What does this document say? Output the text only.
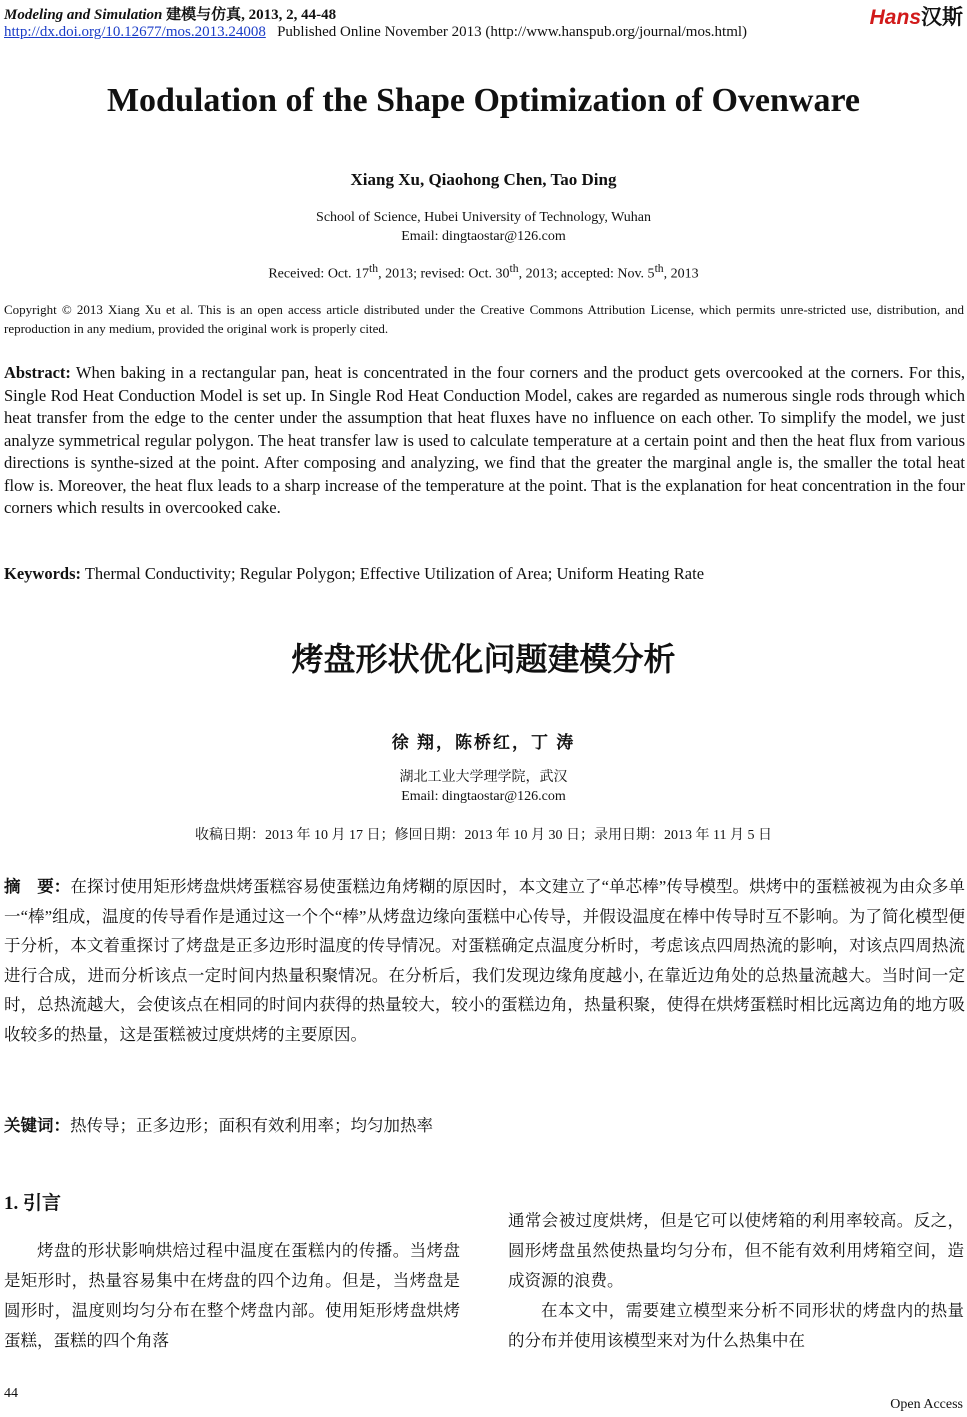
Modeling and Simulation 建模与仿真, 2013, 2, 44-48	Hans汉斯
http://dx.doi.org/10.12677/mos.2013.24008 Published Online November 2013 (http://www.hanspub.org/journal/mos.html)
Modulation of the Shape Optimization of Ovenware
Xiang Xu, Qiaohong Chen, Tao Ding
School of Science, Hubei University of Technology, Wuhan
Email: dingtaostar@126.com
Received: Oct. 17th, 2013; revised: Oct. 30th, 2013; accepted: Nov. 5th, 2013
Copyright © 2013 Xiang Xu et al. This is an open access article distributed under the Creative Commons Attribution License, which permits unre-stricted use, distribution, and reproduction in any medium, provided the original work is properly cited.
Abstract: When baking in a rectangular pan, heat is concentrated in the four corners and the product gets overcooked at the corners. For this, Single Rod Heat Conduction Model is set up. In Single Rod Heat Conduction Model, cakes are regarded as numerous single rods through which heat transfer from the edge to the center under the assumption that heat fluxes have no influence on each other. To simplify the model, we just analyze symmetrical regular polygon. The heat transfer law is used to calculate temperature at a certain point and then the heat flux from various directions is synthe-sized at the point. After composing and analyzing, we find that the greater the marginal angle is, the smaller the total heat flow is. Moreover, the heat flux leads to a sharp increase of the temperature at the point. That is the explanation for heat concentration in the four corners which results in overcooked cake.
Keywords: Thermal Conductivity; Regular Polygon; Effective Utilization of Area; Uniform Heating Rate
烤盘形状优化问题建模分析
徐 翔，陈桥红，丁 涛
湖北工业大学理学院，武汉
Email: dingtaostar@126.com
收稿日期：2013 年 10 月 17 日；修回日期：2013 年 10 月 30 日；录用日期：2013 年 11 月 5 日
摘　要：在探讨使用矩形烤盘烘烤蛋糕容易使蛋糕边角烤糊的原因时，本文建立了“单芯棒”传导模型。烘烤中的蛋糕被视为由众多单一“棒”组成，温度的传导看作是通过这一个个“棒”从烤盘边缘向蛋糕中心传导，并假设温度在棒中传导时互不影响。为了简化模型便于分析，本文着重探讨了烤盘是正多边形时温度的传导情况。对蛋糕确定点温度分析时，考虑该点四周热流的影响，对该点四周热流进行合成，进而分析该点一定时间内热量积聚情况。在分析后，我们发现边缘角度越小, 在靠近边角处的总热量流越大。当时间一定时，总热流越大，会使该点在相同的时间内获得的热量较大，较小的蛋糕边角，热量积聚，使得在烘烤蛋糕时相比远离边角的地方吸收较多的热量，这是蛋糕被过度烘烤的主要原因。
关键词：热传导；正多边形；面积有效利用率；均匀加热率
1. 引言

烤盘的形状影响烘焙过程中温度在蛋糕内的传播。当烤盘是矩形时，热量容易集中在烤盘的四个边角。但是，当烤盘是圆形时，温度则均匀分布在整个烤盘内部。使用矩形烤盘烘烤蛋糕，蛋糕的四个角落

通常会被过度烘烤，但是它可以使烤箱的利用率较高。反之，圆形烤盘虽然使热量均匀分布，但不能有效利用烤箱空间，造成资源的浪费。

在本文中，需要建立模型来分析不同形状的烤盘内的热量的分布并使用该模型来对为什么热集中在

44
Open Access
